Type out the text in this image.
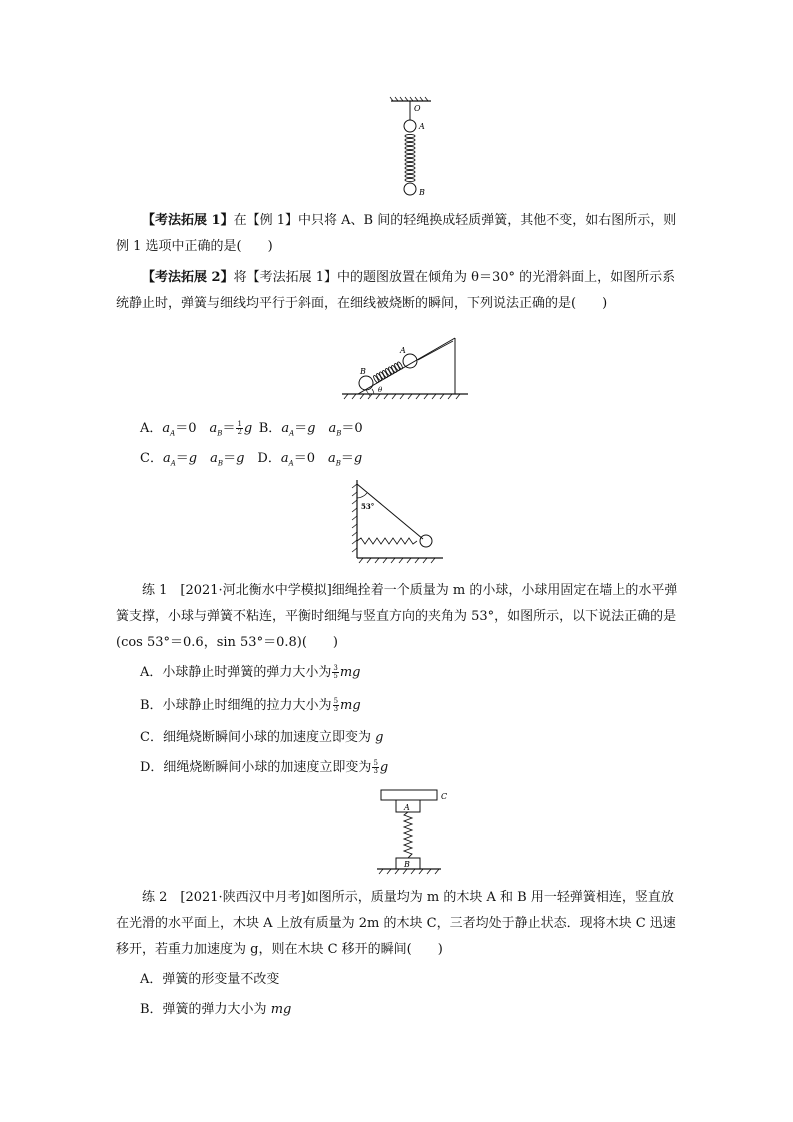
O
A
B
【考法拓展 1】在【例 1】中只将 A、B 间的轻绳换成轻质弹簧，其他不变，如右图所示，则例 1 选项中正确的是(　　)
【考法拓展 2】将【考法拓展 1】中的题图放置在倾角为 θ＝30° 的光滑斜面上，如图所示系统静止时，弹簧与细线均平行于斜面，在细线被烧断的瞬间，下列说法正确的是(　　)
θ
A
B
A．$a_A=0$　 $a_B= \frac{1}{2}$ g  B．$a_A=g$　 $a_B=0$
C．$a_A=g$　 $a_B=g$　 D．$a_A=0$　 $a_B=g$
53°
练 1　[2021·河北衡水中学模拟]细绳拴着一个质量为 m 的小球，小球用固定在墙上的水平弹簧支撑，小球与弹簧不粘连，平衡时细绳与竖直方向的夹角为 53°，如图所示，以下说法正确的是(cos 53°＝0.6，sin 53°＝0.8)(　　)
A．小球静止时弹簧的弹力大小为 $\frac{3}{5}$ mg
B．小球静止时细绳的拉力大小为 $\frac{5}{3}$ mg
C．细绳烧断瞬间小球的加速度立即变为 g
D．细绳烧断瞬间小球的加速度立即变为 $\frac{5}{3}$ g
C
A
B
练 2　[2021·陕西汉中月考]如图所示，质量均为 m 的木块 A 和 B 用一轻弹簧相连，竖直放在光滑的水平面上，木块 A 上放有质量为 2m 的木块 C，三者均处于静止状态．现将木块 C 迅速移开，若重力加速度为 g，则在木块 C 移开的瞬间(　　)
A．弹簧的形变量不改变
B．弹簧的弹力大小为 mg
